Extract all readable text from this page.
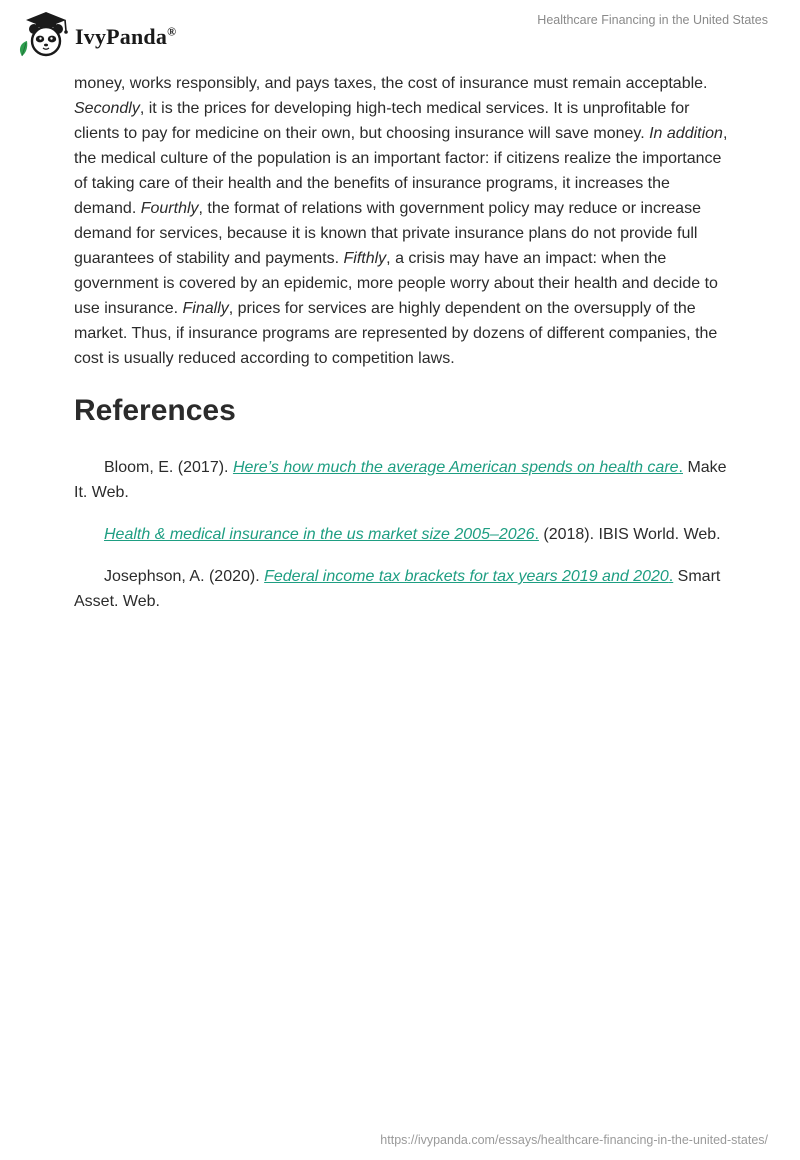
IvyPanda®
Healthcare Financing in the United States

money, works responsibly, and pays taxes, the cost of insurance must remain acceptable. Secondly, it is the prices for developing high-tech medical services. It is unprofitable for clients to pay for medicine on their own, but choosing insurance will save money. In addition, the medical culture of the population is an important factor: if citizens realize the importance of taking care of their health and the benefits of insurance programs, it increases the demand. Fourthly, the format of relations with government policy may reduce or increase demand for services, because it is known that private insurance plans do not provide full guarantees of stability and payments. Fifthly, a crisis may have an impact: when the government is covered by an epidemic, more people worry about their health and decide to use insurance. Finally, prices for services are highly dependent on the oversupply of the market. Thus, if insurance programs are represented by dozens of different companies, the cost is usually reduced according to competition laws.

References

Bloom, E. (2017). Here’s how much the average American spends on health care. Make It. Web.

Health & medical insurance in the us market size 2005–2026. (2018). IBIS World. Web.

Josephson, A. (2020). Federal income tax brackets for tax years 2019 and 2020. Smart Asset. Web.

https://ivypanda.com/essays/healthcare-financing-in-the-united-states/
